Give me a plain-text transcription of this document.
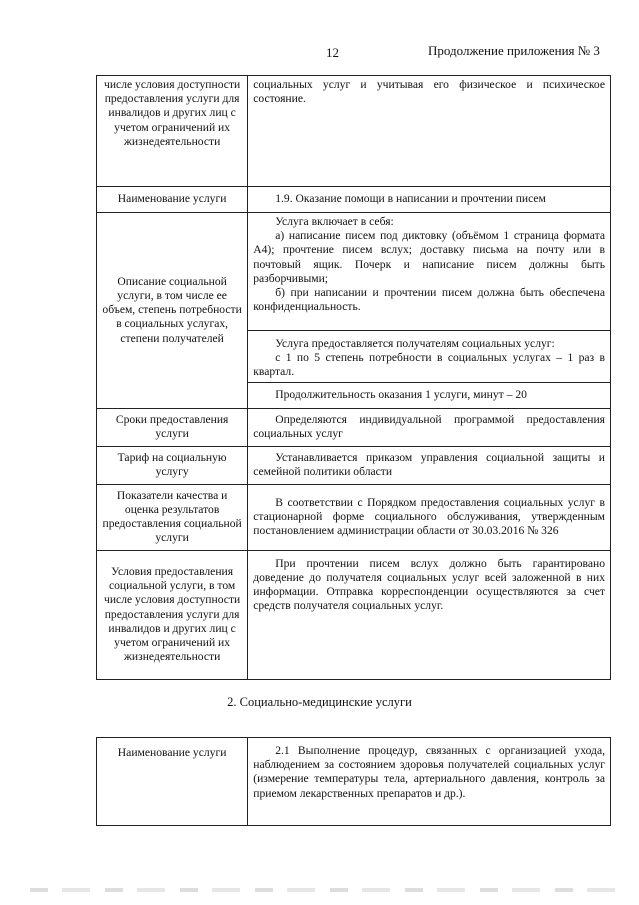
12	Продолжение приложения № 3
числе условия доступности предоставления услуги для инвалидов и других лиц с учетом ограничений их жизнедеятельности	социальных услуг и учитывая его физическое и психическое состояние.

Наименование услуги	1.9. Оказание помощи в написании и прочтении писем

Описание социальной услуги, в том числе ее объем, степень потребности в социальных услугах, степени получателей	Услуга включает в себя:

а) написание писем под диктовку (объёмом 1 страница формата А4); прочтение писем вслух; доставку письма на почту или в почтовый ящик. Почерк и написание писем должны быть разборчивыми;

б) при написании и прочтении писем должна быть обеспечена конфиденциальность.

	Услуга предоставляется получателям социальных услуг:

с 1 по 5 степень потребности в социальных услугах – 1 раз в квартал.

	Продолжительность оказания 1 услуги, минут – 20

Сроки предоставления услуги	Определяются индивидуальной программой предоставления социальных услуг

Тариф на социальную услугу	Устанавливается приказом управления социальной защиты и семейной политики области

Показатели качества и оценка результатов предоставления социальной услуги	В соответствии с Порядком предоставления социальных услуг в стационарной форме социального обслуживания, утвержденным постановлением администрации области от 30.03.2016 № 326

Условия предоставления социальной услуги, в том числе условия доступности предоставления услуги для инвалидов и других лиц с учетом ограничений их жизнедеятельности	При прочтении писем вслух должно быть гарантировано доведение до получателя социальных услуг всей заложенной в них информации. Отправка корреспонденции осуществляются за счет средств получателя социальных услуг.

2. Социально-медицинские услуги
Наименование услуги	2.1 Выполнение процедур, связанных с организацией ухода, наблюдением за состоянием здоровья получателей социальных услуг (измерение температуры тела, артериального давления, контроль за приемом лекарственных препаратов и др.).
